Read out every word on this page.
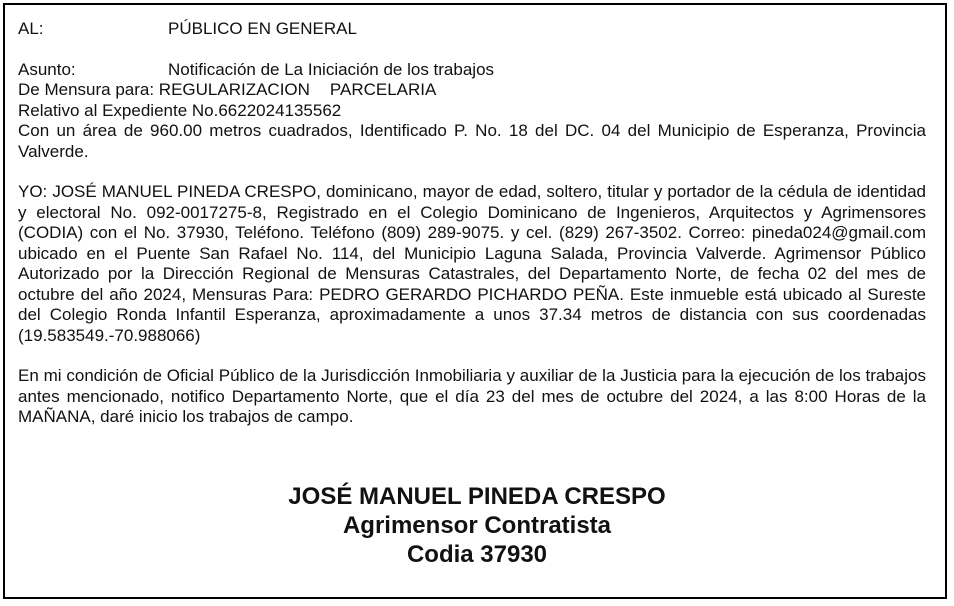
AL:	PÚBLICO EN GENERAL
Asunto:	Notificación de La Iniciación de los trabajos
De Mensura para: REGULARIZACION PARCELARIA
Relativo al Expediente No.6622024135562
Con un área de 960.00 metros cuadrados, Identificado P. No. 18 del DC. 04 del Municipio de Esperanza, Provincia Valverde.
YO: JOSÉ MANUEL PINEDA CRESPO, dominicano, mayor de edad, soltero, titular y portador de la cédula de identidad y electoral No. 092-0017275-8, Registrado en el Colegio Dominicano de Ingenieros, Arquitectos y Agrimensores (CODIA) con el No. 37930, Teléfono. Teléfono (809) 289-9075. y cel. (829) 267-3502. Correo: pineda024@gmail.com ubicado en el Puente San Rafael No. 114, del Municipio Laguna Salada, Provincia Valverde. Agrimensor Público Autorizado por la Dirección Regional de Mensuras Catastrales, del Departamento Norte, de fecha 02 del mes de octubre del año 2024, Mensuras Para: PEDRO GERARDO PICHARDO PEÑA. Este inmueble está ubicado al Sureste del Colegio Ronda Infantil Esperanza, aproximadamente a unos 37.34 metros de distancia con sus coordenadas (19.583549.-70.988066)
En mi condición de Oficial Público de la Jurisdicción Inmobiliaria y auxiliar de la Justicia para la ejecución de los trabajos antes mencionado, notifico Departamento Norte, que el día 23 del mes de octubre del 2024, a las 8:00 Horas de la MAÑANA, daré inicio los trabajos de campo.
JOSÉ MANUEL PINEDA CRESPO
Agrimensor Contratista
Codia 37930
